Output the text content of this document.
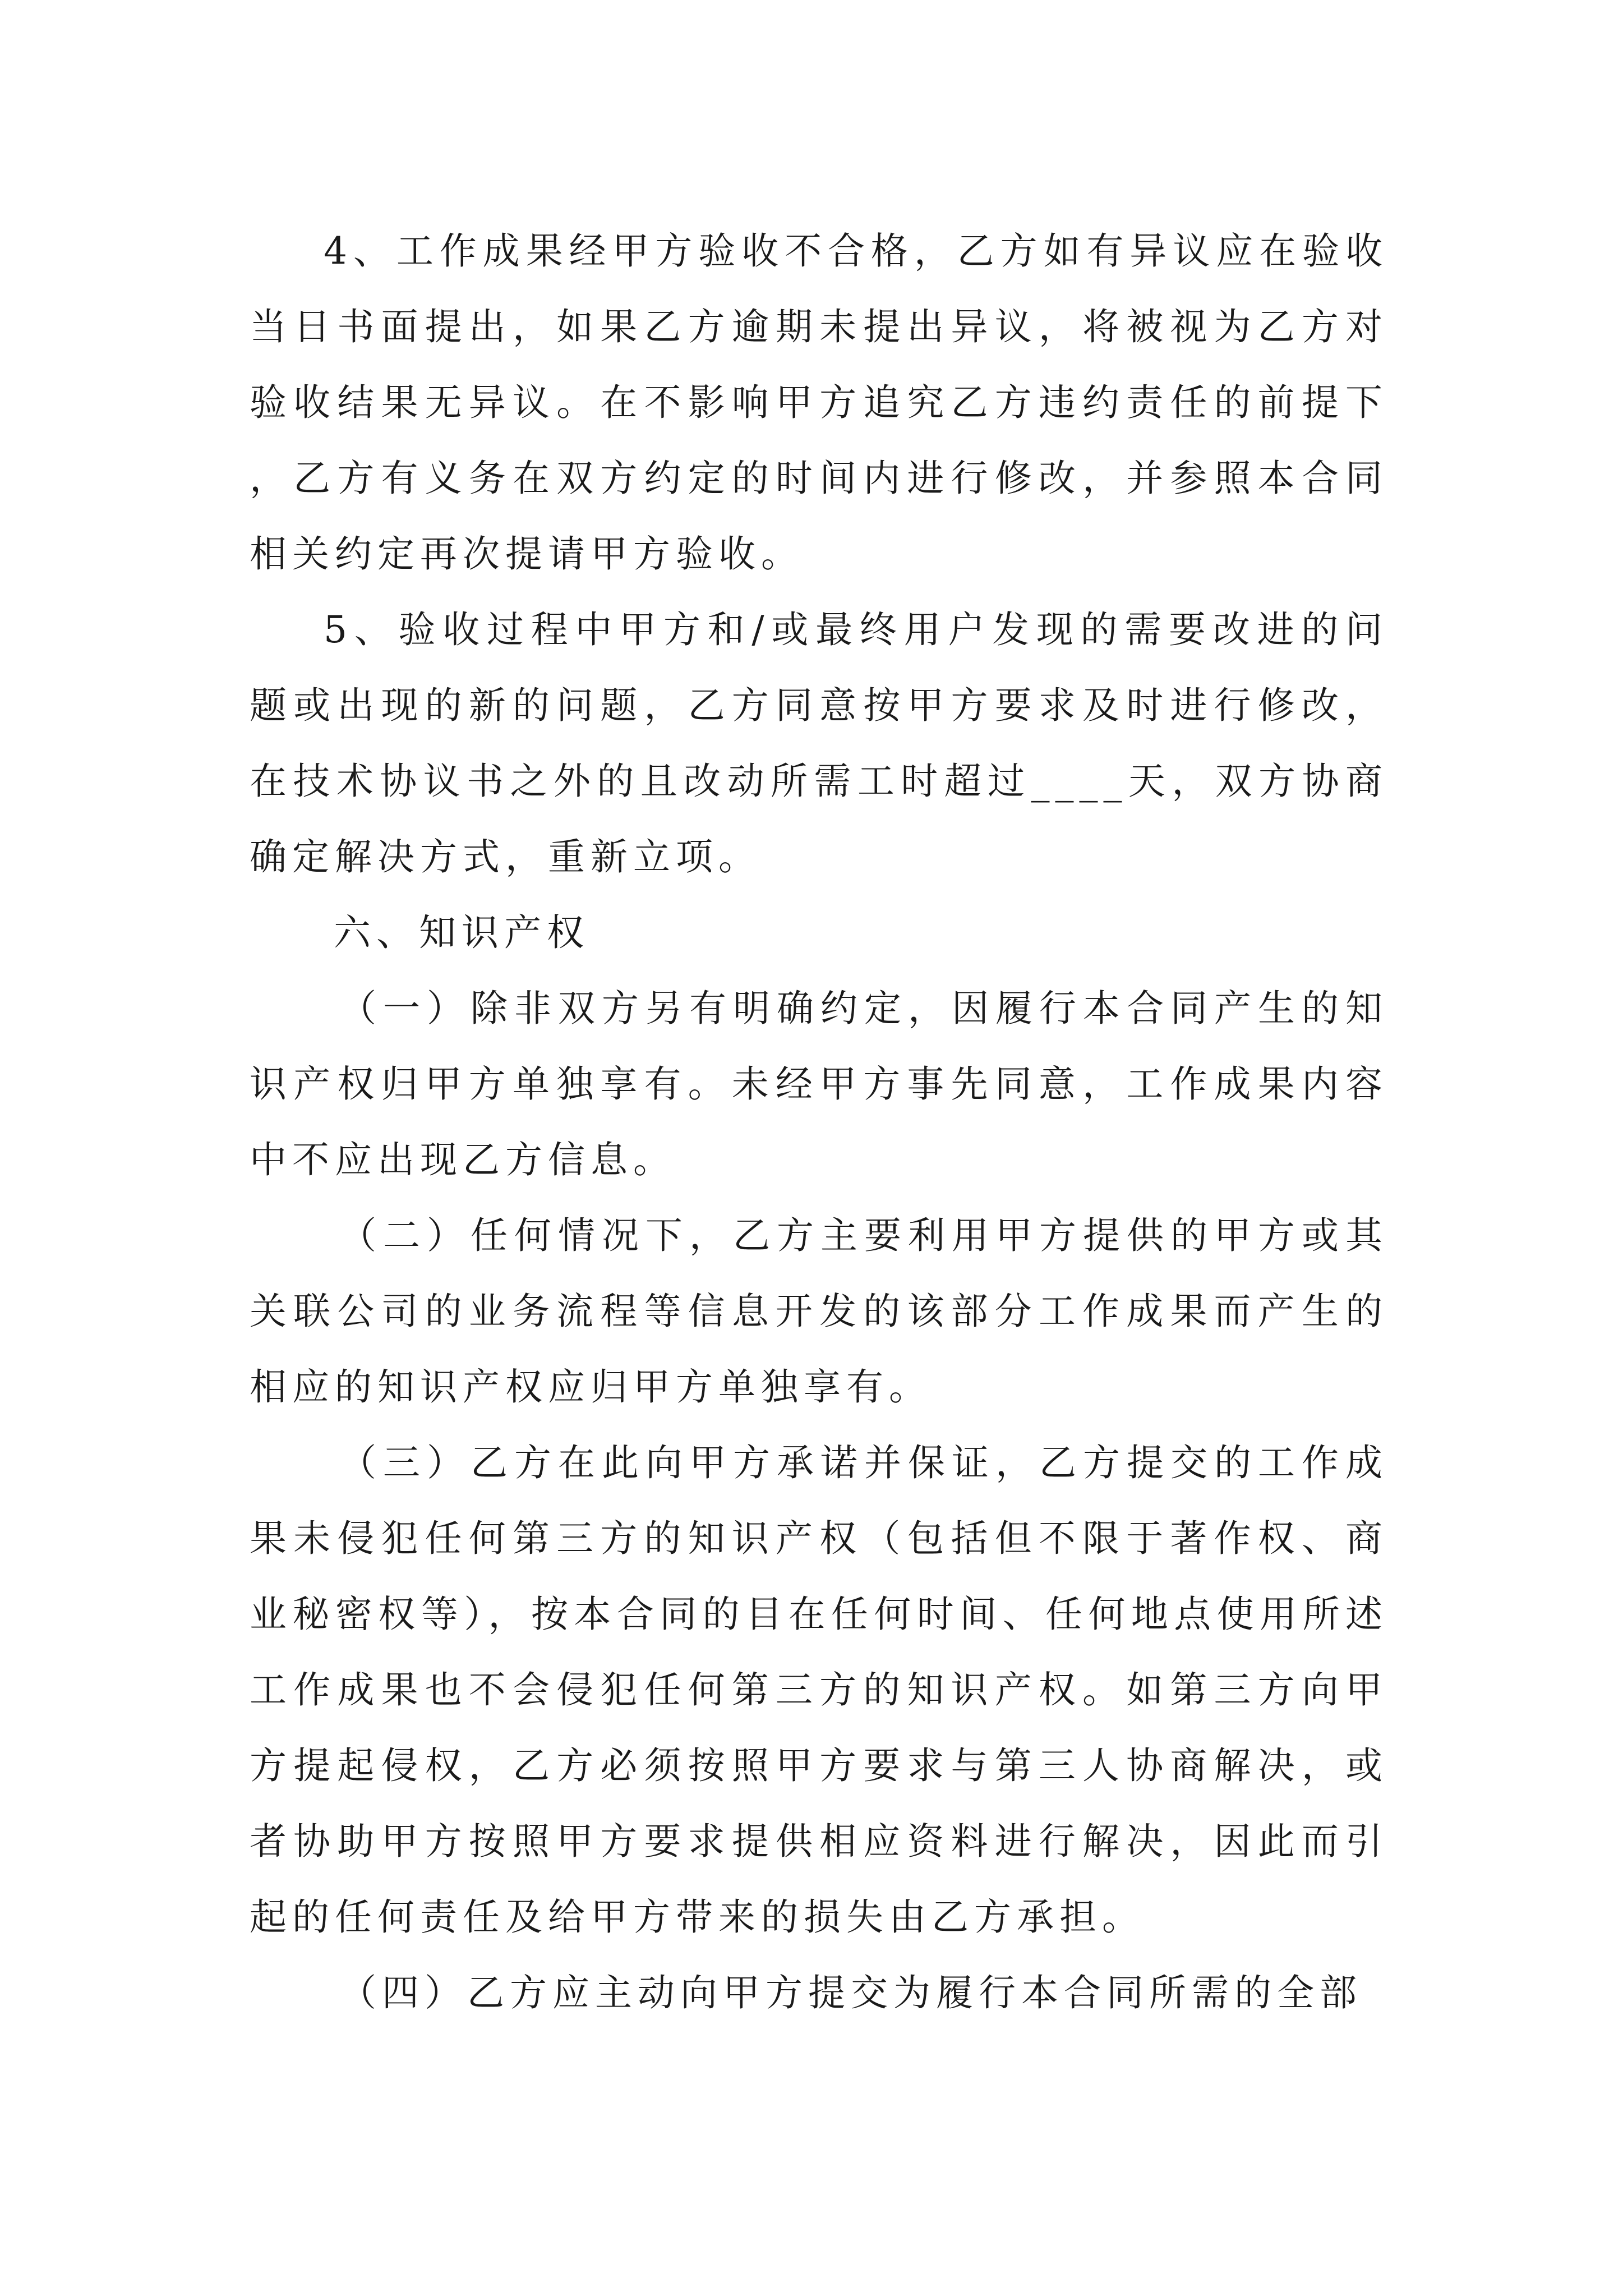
4、工作成果经甲方验收不合格，乙方如有异议应在验收当日书面提出，如果乙方逾期未提出异议，将被视为乙方对验收结果无异议。在不影响甲方追究乙方违约责任的前提下，乙方有义务在双方约定的时间内进行修改，并参照本合同相关约定再次提请甲方验收。

5、验收过程中甲方和/或最终用户发现的需要改进的问题或出现的新的问题，乙方同意按甲方要求及时进行修改，在技术协议书之外的且改动所需工时超过____天，双方协商确定解决方式，重新立项。

六、知识产权

（一）除非双方另有明确约定，因履行本合同产生的知识产权归甲方单独享有。未经甲方事先同意，工作成果内容中不应出现乙方信息。

（二）任何情况下，乙方主要利用甲方提供的甲方或其关联公司的业务流程等信息开发的该部分工作成果而产生的相应的知识产权应归甲方单独享有。

（三）乙方在此向甲方承诺并保证，乙方提交的工作成果未侵犯任何第三方的知识产权（包括但不限于著作权、商业秘密权等），按本合同的目在任何时间、任何地点使用所述工作成果也不会侵犯任何第三方的知识产权。如第三方向甲方提起侵权，乙方必须按照甲方要求与第三人协商解决，或者协助甲方按照甲方要求提供相应资料进行解决，因此而引起的任何责任及给甲方带来的损失由乙方承担。

（四）乙方应主动向甲方提交为履行本合同所需的全部
